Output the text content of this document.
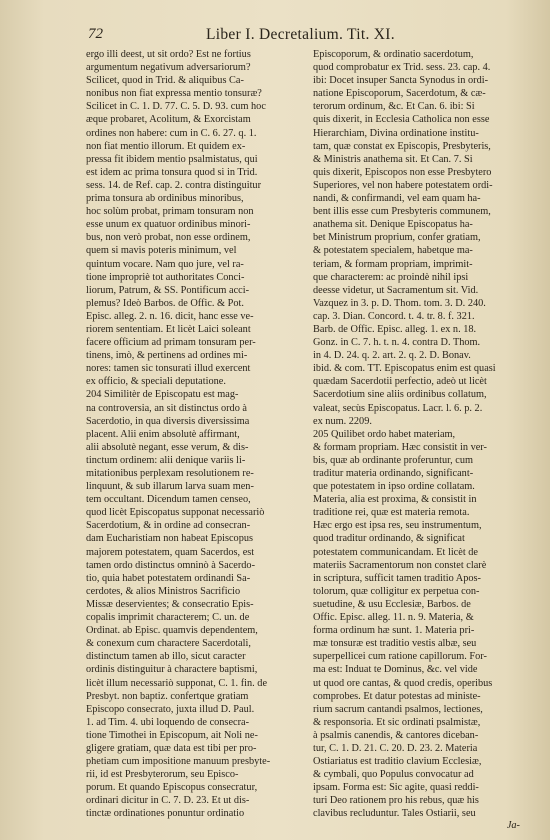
72	Liber I. Decretalium. Tit. XI.
ergo illi deest, ut sit ordo? Est ne fortius
argumentum negativum adversariorum?
Scilicet, quod in Trid. & aliquibus Ca-
nonibus non fiat expressa mentio tonsuræ?
Scilicet in C. 1. D. 77. C. 5. D. 93. cum hoc
æque probaret, Acolitum, & Exorcistam
ordines non habere: cum in C. 6. 27. q. 1.
non fiat mentio illorum. Et quidem ex-
pressa fit ibidem mentio psalmistatus, qui
est idem ac prima tonsura quod si in Trid.
sess. 14. de Ref. cap. 2. contra distinguitur
prima tonsura ab ordinibus minoribus,
hoc solùm probat, primam tonsuram non
esse unum ex quatuor ordinibus minori-
bus, non verò probat, non esse ordinem,
quem si mavis poteris minimum, vel
quintum vocare. Nam quo jure, vel ra-
tione impropriè tot authoritates Conci-
liorum, Patrum, & SS. Pontificum acci-
plemus? Ideò Barbos. de Offic. & Pot.
Episc. alleg. 2. n. 16. dicit, hanc esse ve-
riorem sententiam. Et licèt Laici soleant
facere officium ad primam tonsuram per-
tinens, imò, & pertinens ad ordines mi-
nores: tamen sic tonsurati illud exercent
ex officio, & speciali deputatione.
204 Similitèr de Episcopatu est mag-
na controversia, an sit distinctus ordo à
Sacerdotio, in qua diversis diversissima
placent. Alii enim absolutè affirmant,
alii absolutè negant, esse verum, & dis-
tinctum ordinem: alii denique variis li-
mitationibus perplexam resolutionem re-
linquunt, & sub illarum larva suam men-
tem occultant. Dicendum tamen censeo,
quod licèt Episcopatus supponat necessariò
Sacerdotium, & in ordine ad consecran-
dam Eucharistiam non habeat Episcopus
majorem potestatem, quam Sacerdos, est
tamen ordo distinctus omninò à Sacerdo-
tio, quia habet potestatem ordinandi Sa-
cerdotes, & alios Ministros Sacrificio
Missæ deservientes; & consecratio Epis-
copalis imprimit characterem; C. un. de
Ordinat. ab Episc. quamvis dependentem,
& conexum cum charactere Sacerdotali,
distinctum tamen ab illo, sicut caracter
ordinis distinguitur à charactere baptismi,
licèt illum necessariò supponat, C. 1. fin. de
Presbyt. non baptiz. confertque gratiam
Episcopo consecrato, juxta illud D. Paul.
1. ad Tim. 4. ubi loquendo de consecra-
tione Timothei in Episcopum, ait Noli ne-
gligere gratiam, quæ data est tibi per pro-
phetiam cum impositione manuum presbyte-
rii, id est Presbyterorum, seu Episco-
porum. Et quando Episcopus consecratur,
ordinari dicitur in C. 7. D. 23. Et ut dis-
tinctæ ordinationes ponuntur ordinatio
Episcoporum, & ordinatio sacerdotum,
quod comprobatur ex Trid. sess. 23. cap. 4.
ibi: Docet insuper Sancta Synodus in ordi-
natione Episcoporum, Sacerdotum, & cæ-
terorum ordinum, &c. Et Can. 6. ibi: Si
quis dixerit, in Ecclesia Catholica non esse
Hierarchiam, Divina ordinatione institu-
tam, quæ constat ex Episcopis, Presbyteris,
& Ministris anathema sit. Et Can. 7. Si
quis dixerit, Episcopos non esse Presbytero
Superiores, vel non habere potestatem ordi-
nandi, & confirmandi, vel eam quam ha-
bent illis esse cum Presbyteris communem,
anathema sit. Denique Episcopatus ha-
bet Ministrum proprium, confer gratiam,
& potestatem specialem, habetque ma-
teriam, & formam propriam, imprimit-
que characterem: ac proindè nihil ipsi
deesse videtur, ut Sacramentum sit. Vid.
Vazquez in 3. p. D. Thom. tom. 3. D. 240.
cap. 3. Dian. Concord. t. 4. tr. 8. f. 321.
Barb. de Offic. Episc. alleg. 1. ex n. 18.
Gonz. in C. 7. h. t. n. 4. contra D. Thom.
in 4. D. 24. q. 2. art. 2. q. 2. D. Bonav.
ibid. & com. TT. Episcopatus enim est quasi
quædam Sacerdotii perfectio, adeò ut licèt
Sacerdotium sine aliis ordinibus collatum,
valeat, secùs Episcopatus. Lacr. l. 6. p. 2.
ex num. 2209.
205 Quilibet ordo habet materiam,
& formam propriam. Hæc consistit in ver-
bis, quæ ab ordinante proferuntur, cum
traditur materia ordinando, significant-
que potestatem in ipso ordine collatam.
Materia, alia est proxima, & consistit in
traditione rei, quæ est materia remota.
Hæc ergo est ipsa res, seu instrumentum,
quod traditur ordinando, & significat
potestatem communicandam. Et licèt de
materiis Sacramentorum non constet clarè
in scriptura, sufficit tamen traditio Apos-
tolorum, quæ colligitur ex perpetua con-
suetudine, & usu Ecclesiæ, Barbos. de
Offic. Episc. alleg. 11. n. 9. Materia, &
forma ordinum hæ sunt. 1. Materia pri-
mæ tonsuræ est traditio vestis albæ, seu
superpellicei cum ratione capillorum. For-
ma est: Induat te Dominus, &c. vel vide
ut quod ore cantas, & quod credis, operibus
comprobes. Et datur potestas ad ministe-
rium sacrum cantandi psalmos, lectiones,
& responsoria. Et sic ordinati psalmistæ,
à psalmis canendis, & cantores diceban-
tur, C. 1. D. 21. C. 20. D. 23. 2. Materia
Ostiariatus est traditio clavium Ecclesiæ,
& cymbali, quo Populus convocatur ad
ipsam. Forma est: Sic agite, quasi reddi-
turi Deo rationem pro his rebus, quæ his
clavibus recluduntur. Tales Ostiarii, seu
Ja-
